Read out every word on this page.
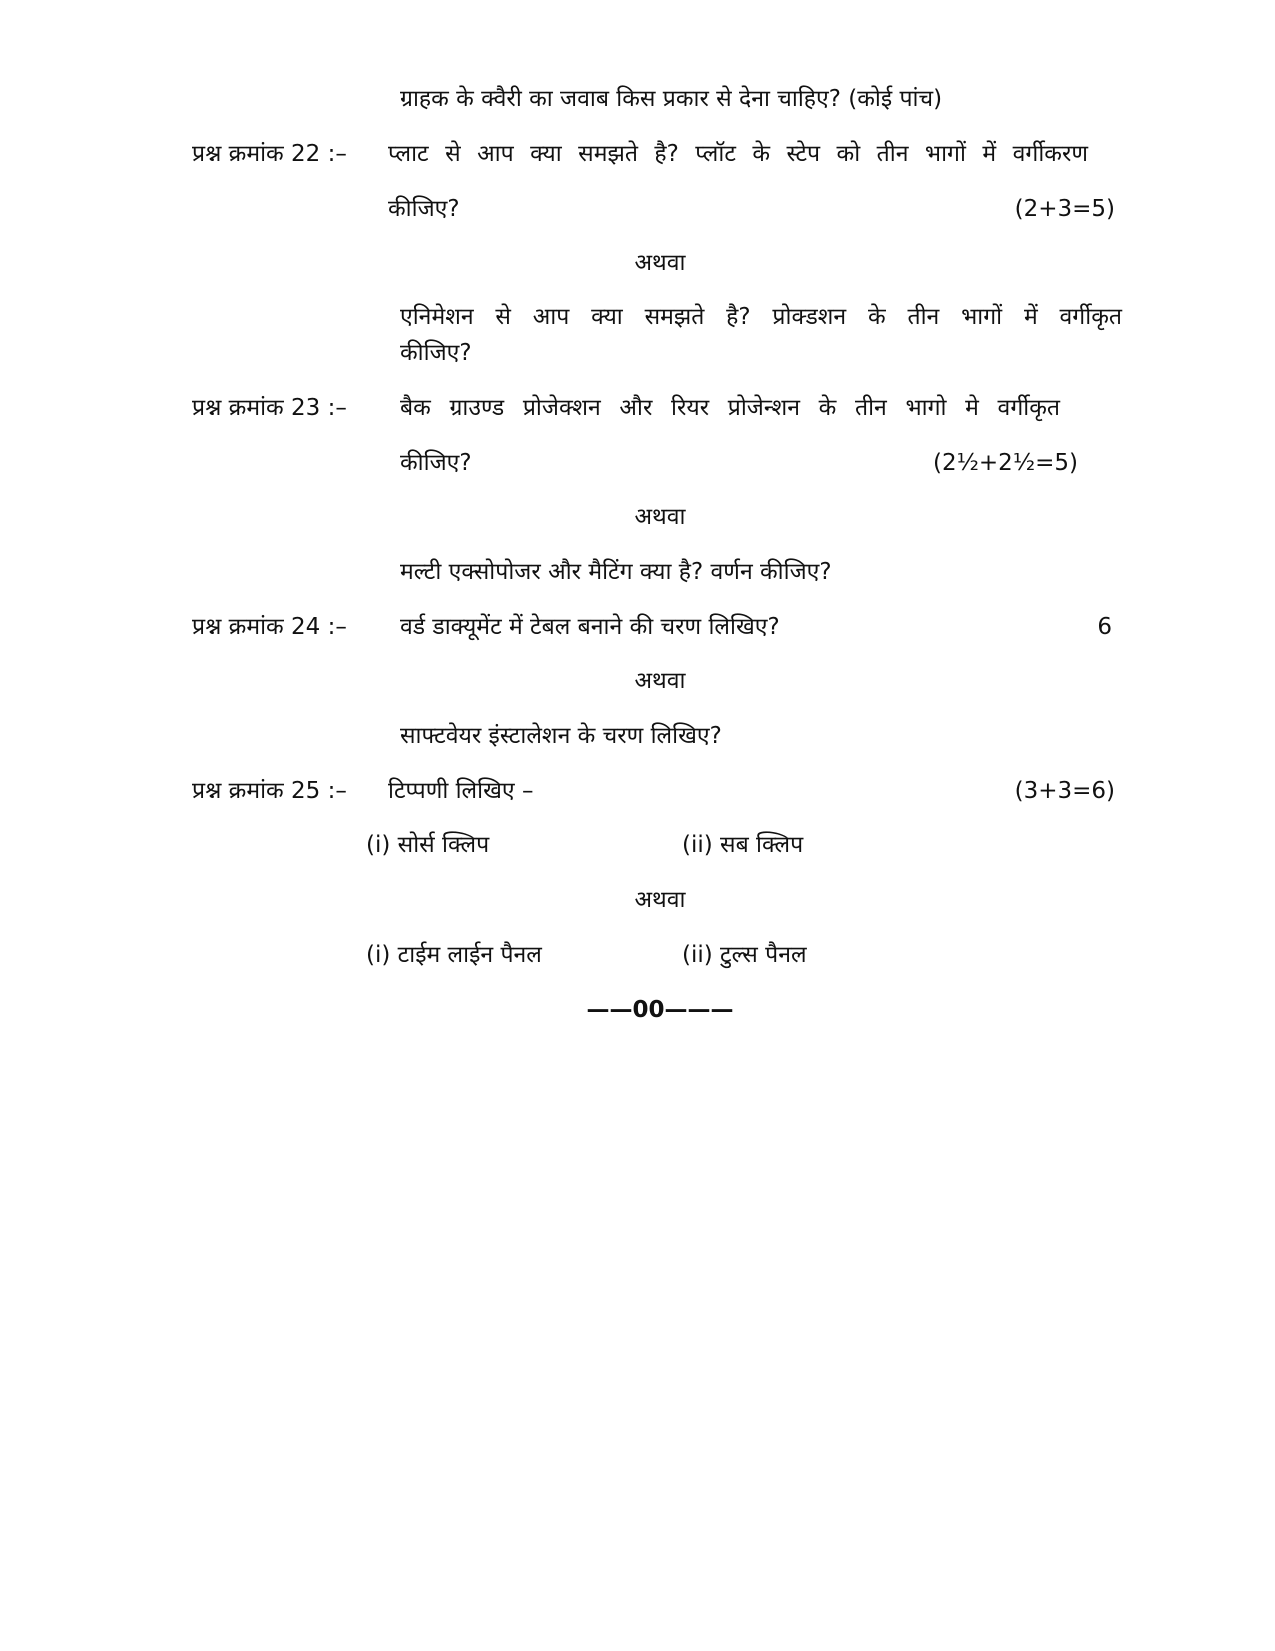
ग्राहक के क्वैरी का जवाब किस प्रकार से देना चाहिए? (कोई पांच)
प्रश्न क्रमांक 22 :– प्लाट से आप क्या समझते है? प्लॉट के स्टेप को तीन भागों में वर्गीकरण
कीजिए?	(2+3=5)
अथवा
एनिमेशन से आप क्या समझते है? प्रोक्डशन के तीन भागों में वर्गीकृत
कीजिए?
प्रश्न क्रमांक 23 :– बैक ग्राउण्ड प्रोजेक्शन और रियर प्रोजेन्शन के तीन भागो मे वर्गीकृत
कीजिए?	(2½+2½=5)
अथवा
मल्टी एक्सोपोजर और मैटिंग क्या है? वर्णन कीजिए?
प्रश्न क्रमांक 24 :– वर्ड डाक्यूमेंट में टेबल बनाने की चरण लिखिए?	6
अथवा
साफ्टवेयर इंस्टालेशन के चरण लिखिए?
प्रश्न क्रमांक 25 :– टिप्पणी लिखिए –	(3+3=6)
(i) सोर्स क्लिप	(ii) सब क्लिप
अथवा
(i) टाईम लाईन पैनल	(ii) टुल्स पैनल
——00———
